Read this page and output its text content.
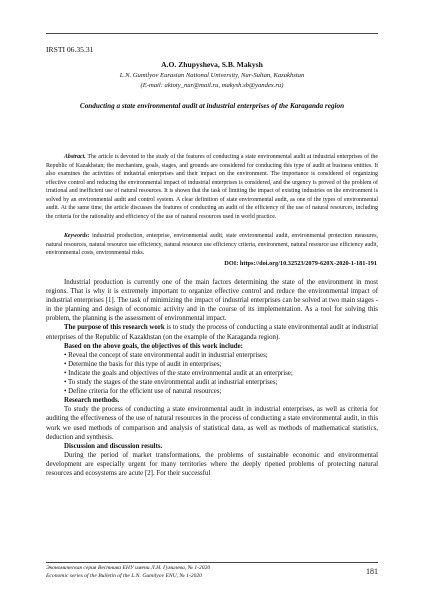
IRSTI 06.35.31
A.O. Zhupysheva, S.B. Makysh
L.N. Gumilyov Eurasian National University, Nur-Sultan, Kazakhstan
(E-mail: aktoty_nur@mail.ru, makysh.sb@yandex.ru)
Conducting a state environmental audit at industrial enterprises of the Karaganda region
Abstract. The article is devoted to the study of the features of conducting a state environmental audit at industrial enterprises of the Republic of Kazakhstan; the mechanism, goals, stages, and grounds are considered for conducting this type of audit at business entities. It also examines the activities of industrial enterprises and their impact on the environment. The importance is considered of organizing effective control and reducing the environmental impact of industrial enterprises is considered, and the urgency is proved of the problem of irrational and inefficient use of natural resources. It is shown that the task of limiting the impact of existing industries on the environment is solved by an environmental audit and control system. A clear definition of state environmental audit, as one of the types of environmental audit. At the same time, the article discusses the features of conducting an audit of the efficiency of the use of natural resources, including the criteria for the rationality and efficiency of the use of natural resources used in world practice.
Keywords: industrial production, enterprise, environmental audit, state environmental audit, environmental protection measures, natural resources, natural resource use efficiency, natural resource use efficiency criteria, environment, natural resource use efficiency audit, environmental costs, environmental risks.
DOI: https://doi.org/10.32523/2079-620X-2020-1-181-191

Industrial production is currently one of the main factors determining the state of the environment in most regions. That is why it is extremely important to organize effective control and reduce the environmental impact of industrial enterprises [1]. The task of minimizing the impact of industrial enterprises can be solved at two main stages - in the planning and design of economic activity and in the course of its implementation. As a tool for solving this problem, the planning is the assessment of environmental impact.

The purpose of this research work is to study the process of conducting a state environmental audit at industrial enterprises of the Republic of Kazakhstan (on the example of the Karaganda region).

Based on the above goals, the objectives of this work include:

• Reveal the concept of state environmental audit in industrial enterprises;

• Determine the basis for this type of audit in enterprises;

• Indicate the goals and objectives of the state environmental audit at an enterprise;

• To study the stages of the state environmental audit at industrial enterprises;

• Define criteria for the efficient use of natural resources;

Research methods.

To study the process of conducting a state environmental audit in industrial enterprises, as well as criteria for auditing the effectiveness of the use of natural resources in the process of conducting a state environmental audit, in this work we used methods of comparison and analysis of statistical data, as well as methods of mathematical statistics, deduction and synthesis.

Discussion and discussion results.

During the period of market transformations, the problems of sustainable economic and environmental development are especially urgent for many territories where the deeply ripened problems of protecting natural resources and ecosystems are acute [2]. For their successful

Экономическая серия Вестника ЕНУ имени Л.Н. Гумилева, № 1-2020
Economic series of the Bulletin of the L.N. Gumilyov ENU, № 1-2020	181
